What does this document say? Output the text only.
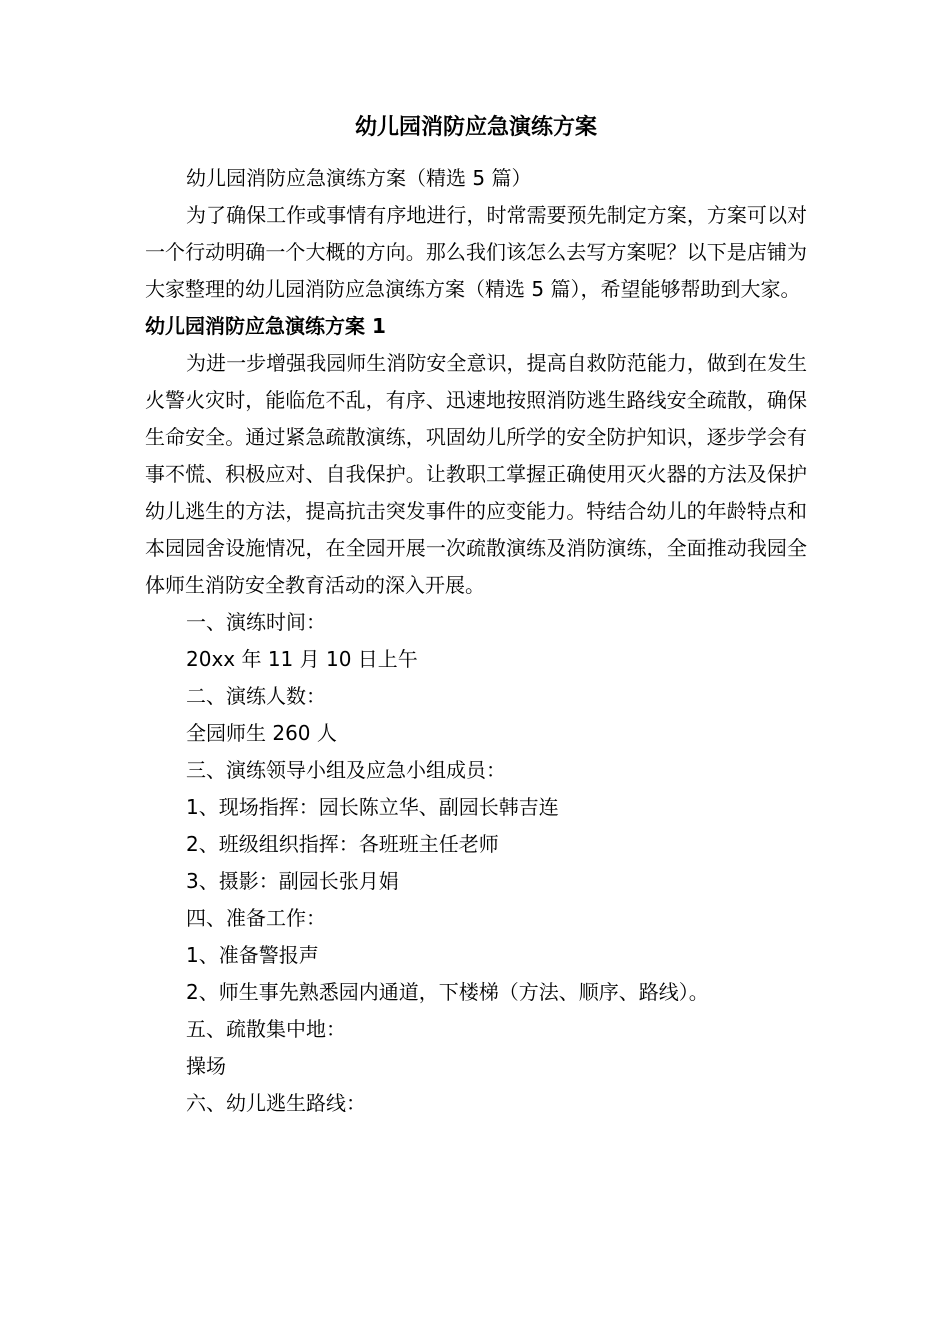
幼儿园消防应急演练方案

幼儿园消防应急演练方案（精选 5 篇）

为了确保工作或事情有序地进行，时常需要预先制定方案，方案可以对一个行动明确一个大概的方向。那么我们该怎么去写方案呢？以下是店铺为大家整理的幼儿园消防应急演练方案（精选 5 篇），希望能够帮助到大家。

幼儿园消防应急演练方案 1

为进一步增强我园师生消防安全意识，提高自救防范能力，做到在发生火警火灾时，能临危不乱，有序、迅速地按照消防逃生路线安全疏散，确保生命安全。通过紧急疏散演练，巩固幼儿所学的安全防护知识，逐步学会有事不慌、积极应对、自我保护。让教职工掌握正确使用灭火器的方法及保护幼儿逃生的方法，提高抗击突发事件的应变能力。特结合幼儿的年龄特点和本园园舍设施情况，在全园开展一次疏散演练及消防演练，全面推动我园全体师生消防安全教育活动的深入开展。

一、演练时间：

20xx 年 11 月 10 日上午

二、演练人数：

全园师生 260 人

三、演练领导小组及应急小组成员：

1、现场指挥：园长陈立华、副园长韩吉连

2、班级组织指挥：各班班主任老师

3、摄影：副园长张月娟

四、准备工作：

1、准备警报声

2、师生事先熟悉园内通道，下楼梯（方法、顺序、路线）。

五、疏散集中地：

操场

六、幼儿逃生路线：
